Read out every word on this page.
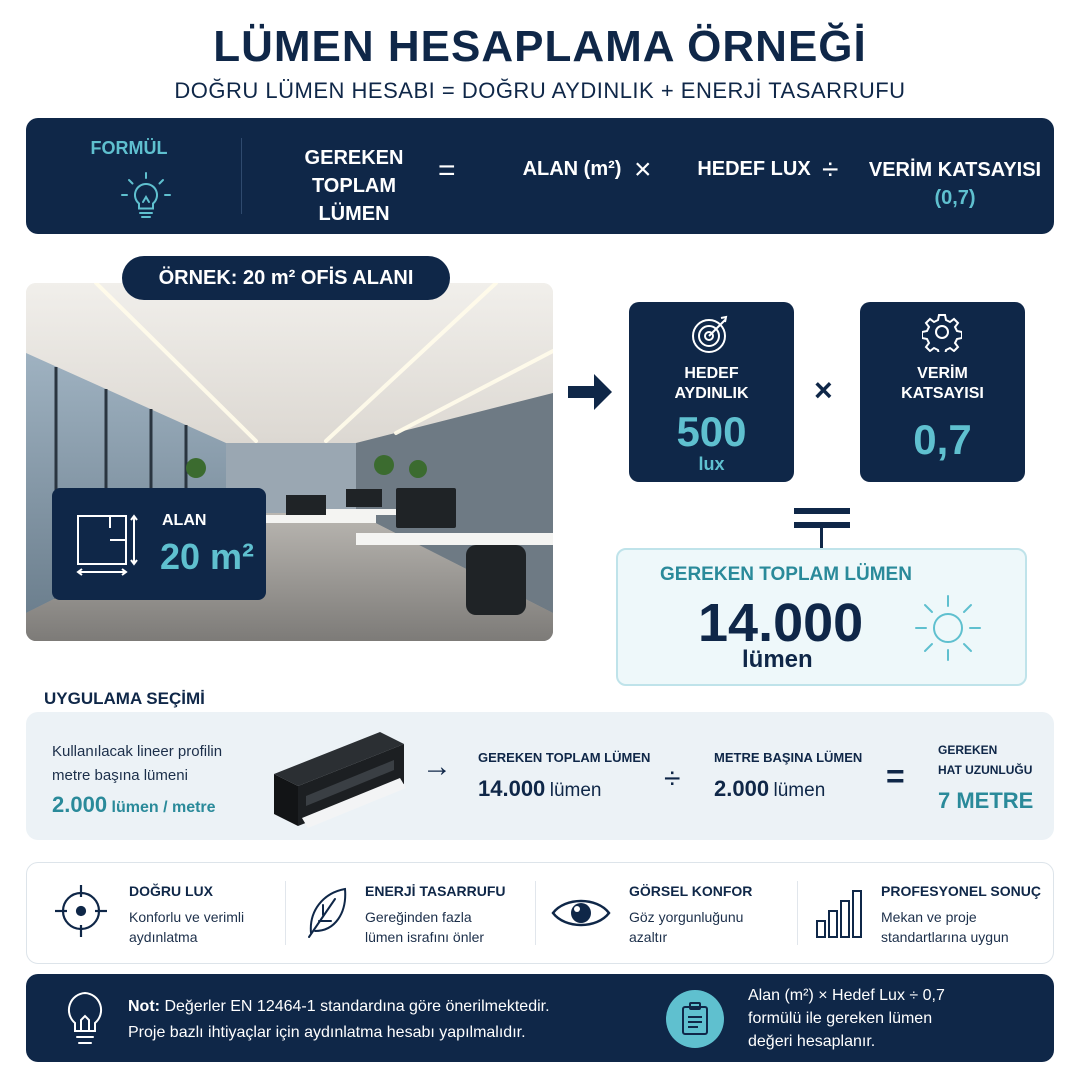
LÜMEN HESAPLAMA ÖRNEĞİ
DOĞRU LÜMEN HESABI = DOĞRU AYDINLIK + ENERJİ TASARRUFU
FORMÜL	GEREKEN
TOPLAM LÜMEN
=	ALAN (m²) ×	HEDEF LUX ÷	VERİM KATSAYISI
(0,7)
ÖRNEK: 20 m² OFİS ALANI
ALAN
20 m²
HEDEF
AYDINLIK
500
lux
×	VERİM
KATSAYISI
0,7
GEREKEN TOPLAM LÜMEN
14.000
lümen
UYGULAMA SEÇİMİ
Kullanılacak lineer profilin
metre başına lümeni
2.000 lümen / metre
→ GEREKEN TOPLAM LÜMEN
14.000 lümen ÷
METRE BAŞINA LÜMEN
2.000 lümen =
GEREKEN
HAT UZUNLUĞU
7 METRE
DOĞRU LUX
Konforlu ve verimli
aydınlatma
ENERJİ TASARRUFU
Gereğinden fazla
lümen israfını önler
GÖRSEL KONFOR
Göz yorgunluğunu
azaltır
PROFESYONEL SONUÇ
Mekan ve proje
standartlarına uygun
Not: Değerler EN 12464-1 standardına göre önerilmektedir.
Proje bazlı ihtiyaçlar için aydınlatma hesabı yapılmalıdır.
Alan (m²) × Hedef Lux ÷ 0,7
formülü ile gereken lümen
değeri hesaplanır.
